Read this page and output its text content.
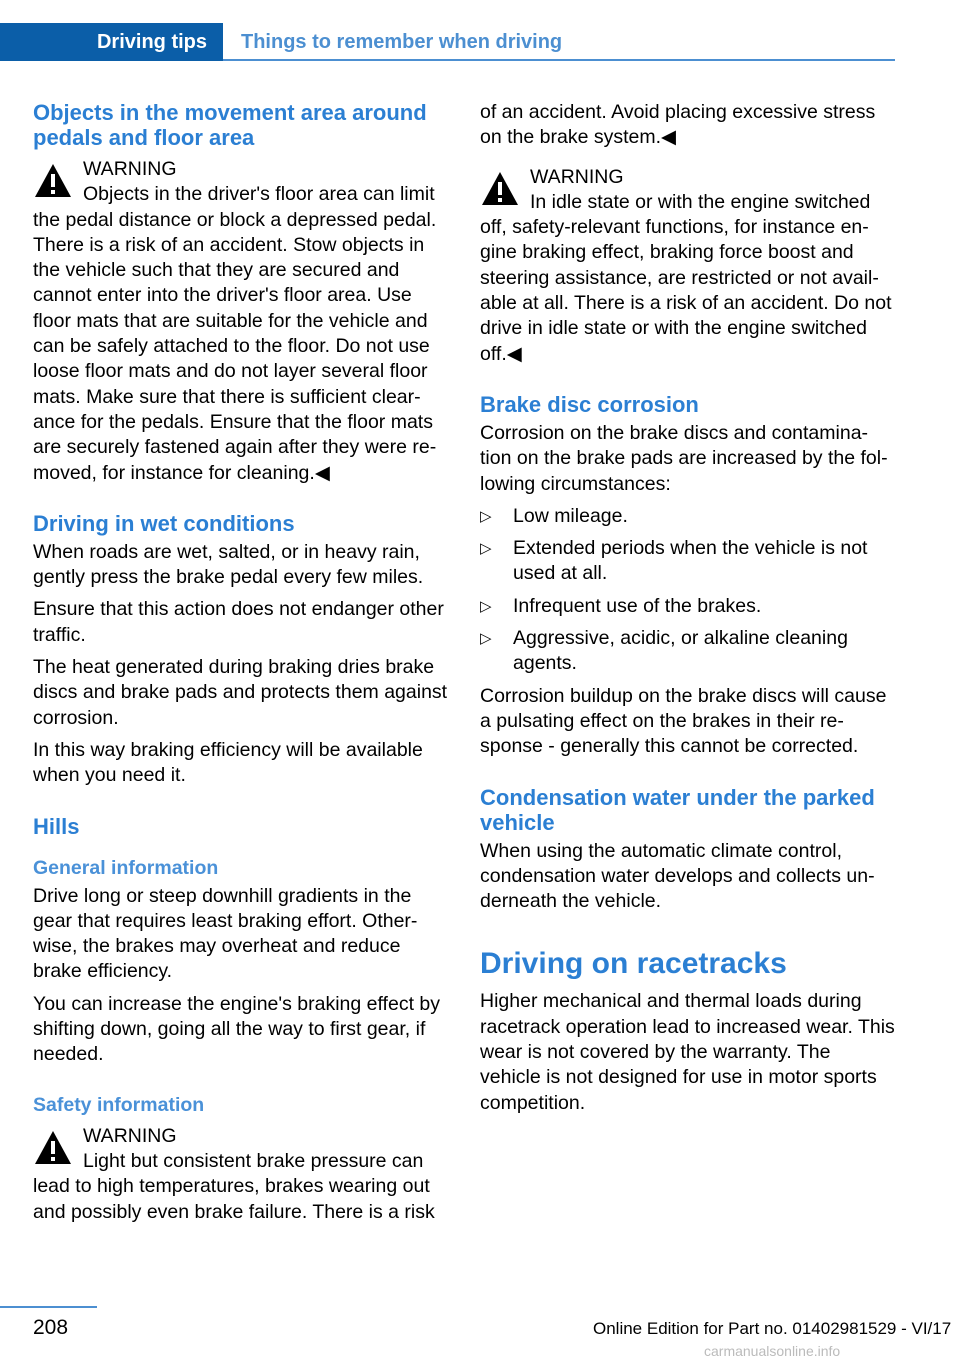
Driving tips	Things to remember when driving
Objects in the movement area around pedals and floor area
WARNING
Objects in the driver's floor area can limit the pedal distance or block a depressed pedal. There is a risk of an accident. Stow objects in the vehicle such that they are secured and cannot enter into the driver's floor area. Use floor mats that are suitable for the vehicle and can be safely attached to the floor. Do not use loose floor mats and do not layer several floor mats. Make sure that there is sufficient clear‐ance for the pedals. Ensure that the floor mats are securely fastened again after they were re‐moved, for instance for cleaning.◀
Driving in wet conditions

When roads are wet, salted, or in heavy rain, gently press the brake pedal every few miles.

Ensure that this action does not endanger other traffic.

The heat generated during braking dries brake discs and brake pads and protects them against corrosion.

In this way braking efficiency will be available when you need it.

Hills
General information

Drive long or steep downhill gradients in the gear that requires least braking effort. Other‐wise, the brakes may overheat and reduce brake efficiency.

You can increase the engine's braking effect by shifting down, going all the way to first gear, if needed.

Safety information
WARNING
Light but consistent brake pressure can lead to high temperatures, brakes wearing out and possibly even brake failure. There is a risk

of an accident. Avoid placing excessive stress on the brake system.◀

WARNING
In idle state or with the engine switched off, safety-relevant functions, for instance en‐gine braking effect, braking force boost and steering assistance, are restricted or not avail‐able at all. There is a risk of an accident. Do not drive in idle state or with the engine switched off.◀
Brake disc corrosion

Corrosion on the brake discs and contamina‐tion on the brake pads are increased by the fol‐lowing circumstances:

▷ Low mileage.
▷ Extended periods when the vehicle is not used at all.
▷ Infrequent use of the brakes.
▷ Aggressive, acidic, or alkaline cleaning agents.

Corrosion buildup on the brake discs will cause a pulsating effect on the brakes in their re‐sponse - generally this cannot be corrected.

Condensation water under the parked vehicle

When using the automatic climate control, condensation water develops and collects un‐derneath the vehicle.

Driving on racetracks

Higher mechanical and thermal loads during racetrack operation lead to increased wear. This wear is not covered by the warranty. The vehicle is not designed for use in motor sports competition.

208	Online Edition for Part no. 01402981529 - VI/17
carmanualsonline.info
